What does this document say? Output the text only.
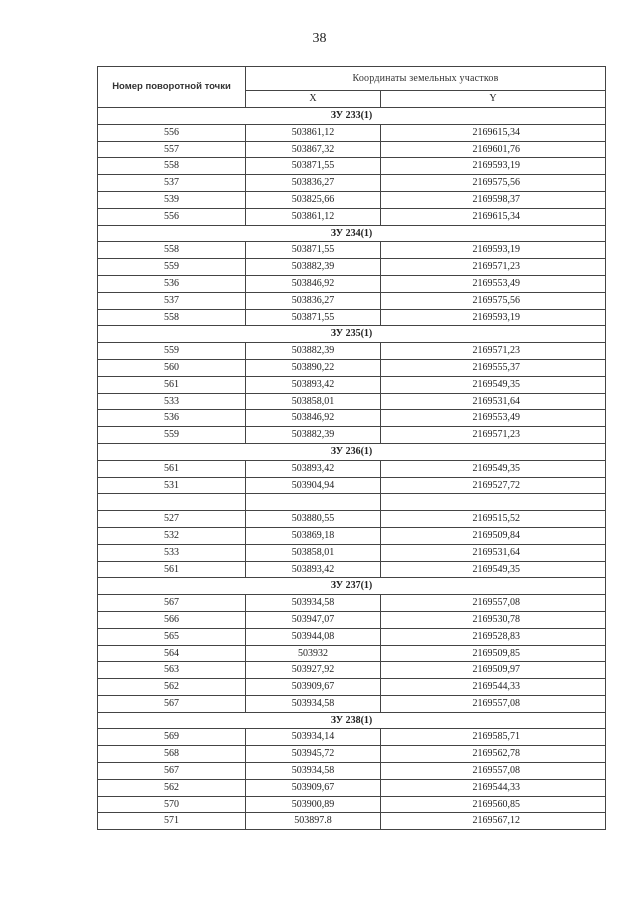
38
Номер поворотной точки	Координаты земельных участков	
	X	Y
ЗУ 233(1)		
556	503861,12	2169615,34
557	503867,32	2169601,76
558	503871,55	2169593,19
537	503836,27	2169575,56
539	503825,66	2169598,37
556	503861,12	2169615,34
ЗУ 234(1)		
558	503871,55	2169593,19
559	503882,39	2169571,23
536	503846,92	2169553,49
537	503836,27	2169575,56
558	503871,55	2169593,19
ЗУ 235(1)		
559	503882,39	2169571,23
560	503890,22	2169555,37
561	503893,42	2169549,35
533	503858,01	2169531,64
536	503846,92	2169553,49
559	503882,39	2169571,23
ЗУ 236(1)		
561	503893,42	2169549,35
531	503904,94	2169527,72

527	503880,55	2169515,52
532	503869,18	2169509,84
533	503858,01	2169531,64
561	503893,42	2169549,35
ЗУ 237(1)		
567	503934,58	2169557,08
566	503947,07	2169530,78
565	503944,08	2169528,83
564	503932	2169509,85
563	503927,92	2169509,97
562	503909,67	2169544,33
567	503934,58	2169557,08
ЗУ 238(1)		
569	503934,14	2169585,71
568	503945,72	2169562,78
567	503934,58	2169557,08
562	503909,67	2169544,33
570	503900,89	2169560,85
571	503897.8	2169567,12
